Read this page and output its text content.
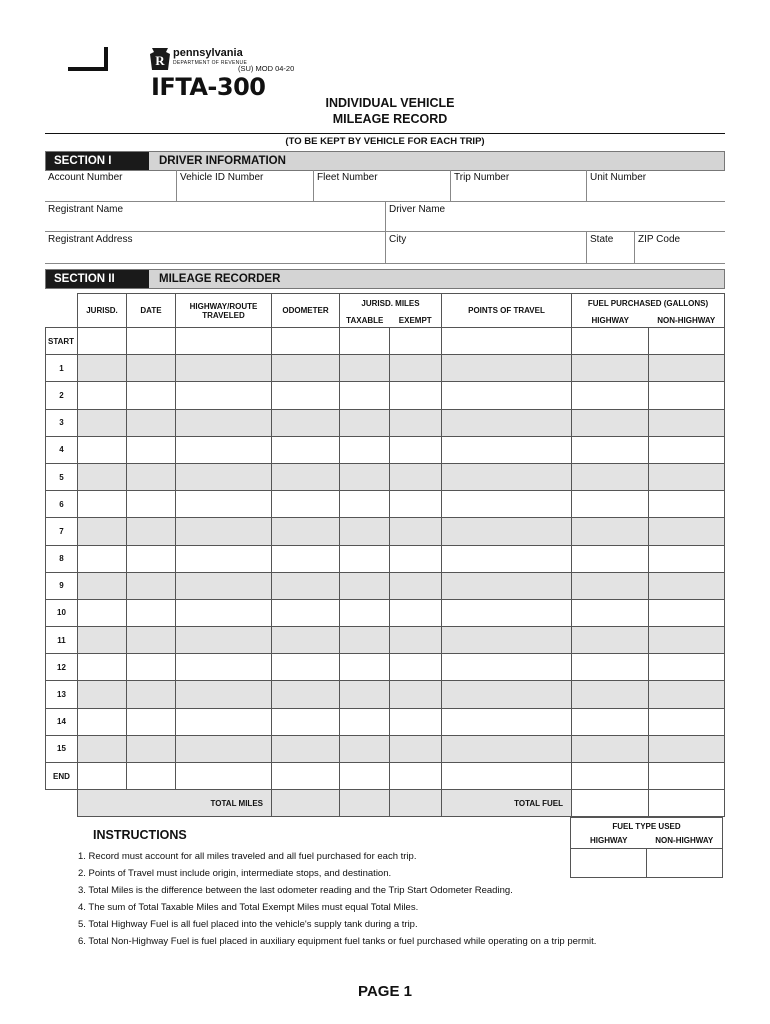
R pennsylvania
DEPARTMENT OF REVENUE
(SU) MOD 04-20
IFTA-300
INDIVIDUAL VEHICLE
MILEAGE RECORD
(TO BE KEPT BY VEHICLE FOR EACH TRIP)
SECTION I	DRIVER INFORMATION
Account Number	Vehicle ID Number	Fleet Number	Trip Number	Unit Number
Registrant Name	Driver Name
Registrant Address	City	State	ZIP Code
SECTION II	MILEAGE RECORDER
	JURISD.	DATE	HIGHWAY/ROUTE TRAVELED	ODOMETER	JURISD. MILES		POINTS OF TRAVEL	FUEL PURCHASED (GALLONS)	
					TAXABLE	EXEMPT		HIGHWAY	NON-HIGHWAY
START									
1									
2									
3									
4									
5									
6									
7									
8									
9									
10									
11									
12									
13									
14									
15									
END									
	TOTAL MILES						TOTAL FUEL		
FUEL TYPE USED
HIGHWAY	NON-HIGHWAY
INSTRUCTIONS
1. Record must account for all miles traveled and all fuel purchased for each trip.
2. Points of Travel must include origin, intermediate stops, and destination.
3. Total Miles is the difference between the last odometer reading and the Trip Start Odometer Reading.
4. The sum of Total Taxable Miles and Total Exempt Miles must equal Total Miles.
5. Total Highway Fuel is all fuel placed into the vehicle's supply tank during a trip.
6. Total Non-Highway Fuel is fuel placed in auxiliary equipment fuel tanks or fuel purchased while operating on a trip permit.
PAGE 1
